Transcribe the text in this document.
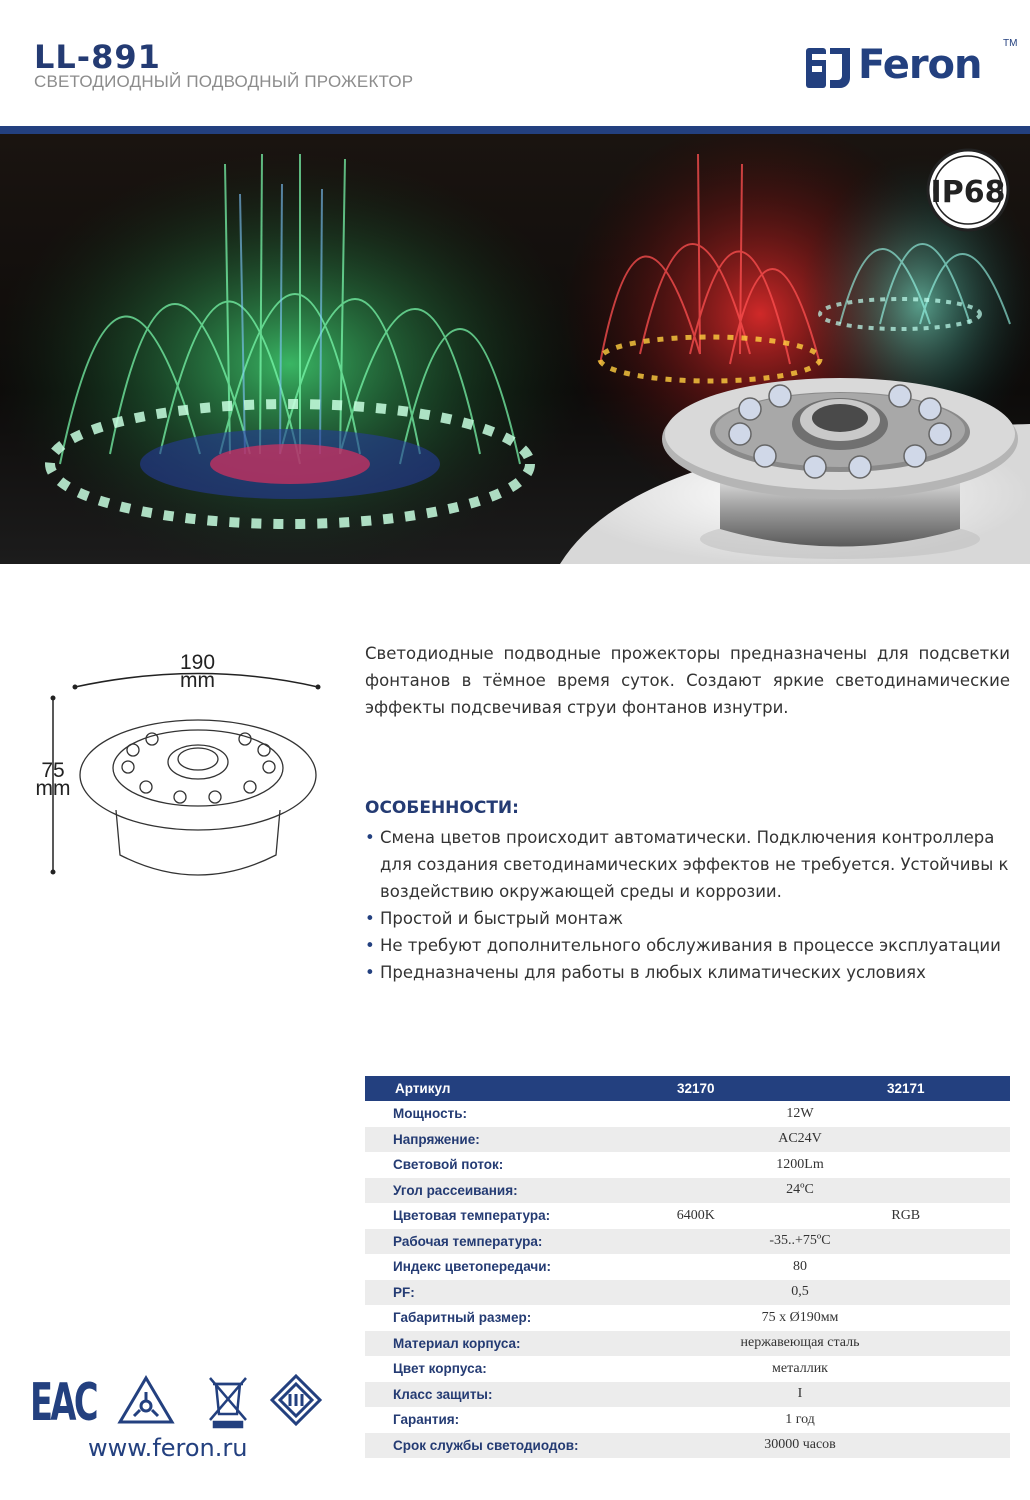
LL-891
СВЕТОДИОДНЫЙ ПОДВОДНЫЙ ПРОЖЕКТОР	Feron TM
IP68
190
mm
75
mm

Светодиодные подводные прожекторы предназначены для подсветки фонтанов в тёмное время суток. Создают яркие светодинамические эффекты подсвечивая струи фонтанов изнутри.

ОСОБЕННОСТИ:
• Смена цветов происходит автоматически. Подключения контроллера для создания светодинамических эффектов не требуется. Устойчивы к воздействию окружающей среды и коррозии.
• Простой и быстрый монтаж
• Не требуют дополнительного обслуживания в процессе эксплуатации
• Предназначены для работы в любых климатических условиях
Артикул	32170	32171
Мощность:	12W	
Напряжение:	AC24V	
Световой поток:	1200Lm	
Угол рассеивания:	24ºC	
Цветовая температура:	6400K	RGB
Рабочая температура:	-35..+75ºC	
Индекс цветопередачи:	80	
PF:	0,5	
Габаритный размер:	75 х Ø190мм	
Материал корпуса:	нержавеющая сталь	
Цвет корпуса:	металлик	
Класс защиты:	I	
Гарантия:	1 год	
Срок службы светодиодов:	30000 часов	
EAC
www.feron.ru
